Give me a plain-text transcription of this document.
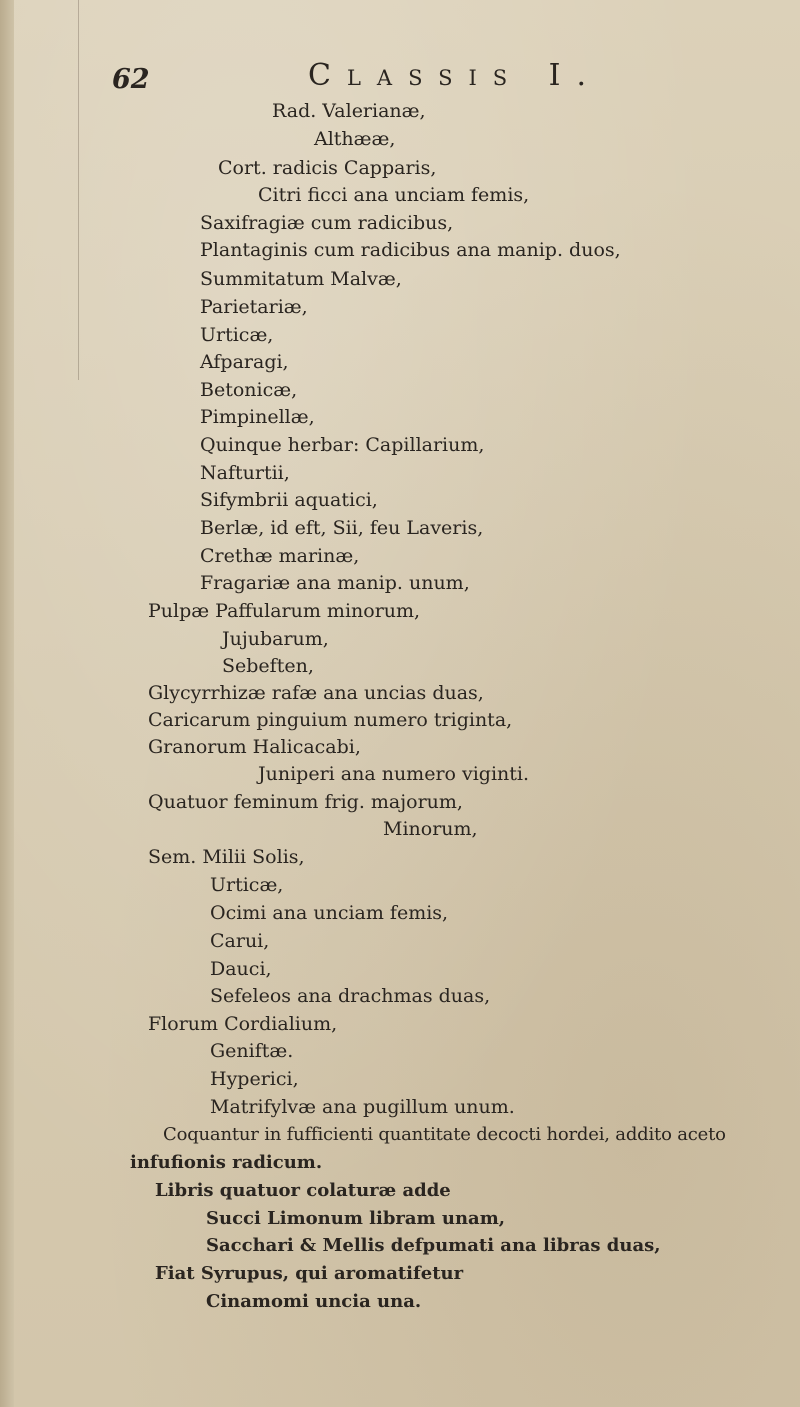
62	Classis I.
Rad. Valerianæ,
Althææ,
Cort. radicis Capparis,
Citri ficci ana unciam femis,
Saxifragiæ cum radicibus,
Plantaginis cum radicibus ana manip. duos,
Summitatum Malvæ,
Parietariæ,
Urticæ,
Afparagi,
Betonicæ,
Pimpinellæ,
Quinque herbar: Capillarium,
Nafturtii,
Sifymbrii aquatici,
Berlæ, id eft, Sii, feu Laveris,
Crethæ marinæ,
Fragariæ ana manip. unum,
Pulpæ Paffularum minorum,
Jujubarum,
Sebeften,
Glycyrrhizæ rafæ ana uncias duas,
Caricarum pinguium numero triginta,
Granorum Halicacabi,
Juniperi ana numero viginti.
Quatuor feminum frig. majorum,
Minorum,
Sem. Milii Solis,
Urticæ,
Ocimi ana unciam femis,
Carui,
Dauci,
Sefeleos ana drachmas duas,
Florum Cordialium,
Geniftæ.
Hyperici,
Matrifylvæ ana pugillum unum.
Coquantur in fufficienti quantitate decocti hordei, addito aceto
infufionis radicum.
Libris quatuor colaturæ adde
Succi Limonum libram unam,
Sacchari & Mellis defpumati ana libras duas,
Fiat Syrupus, qui aromatifetur
Cinamomi uncia una.
